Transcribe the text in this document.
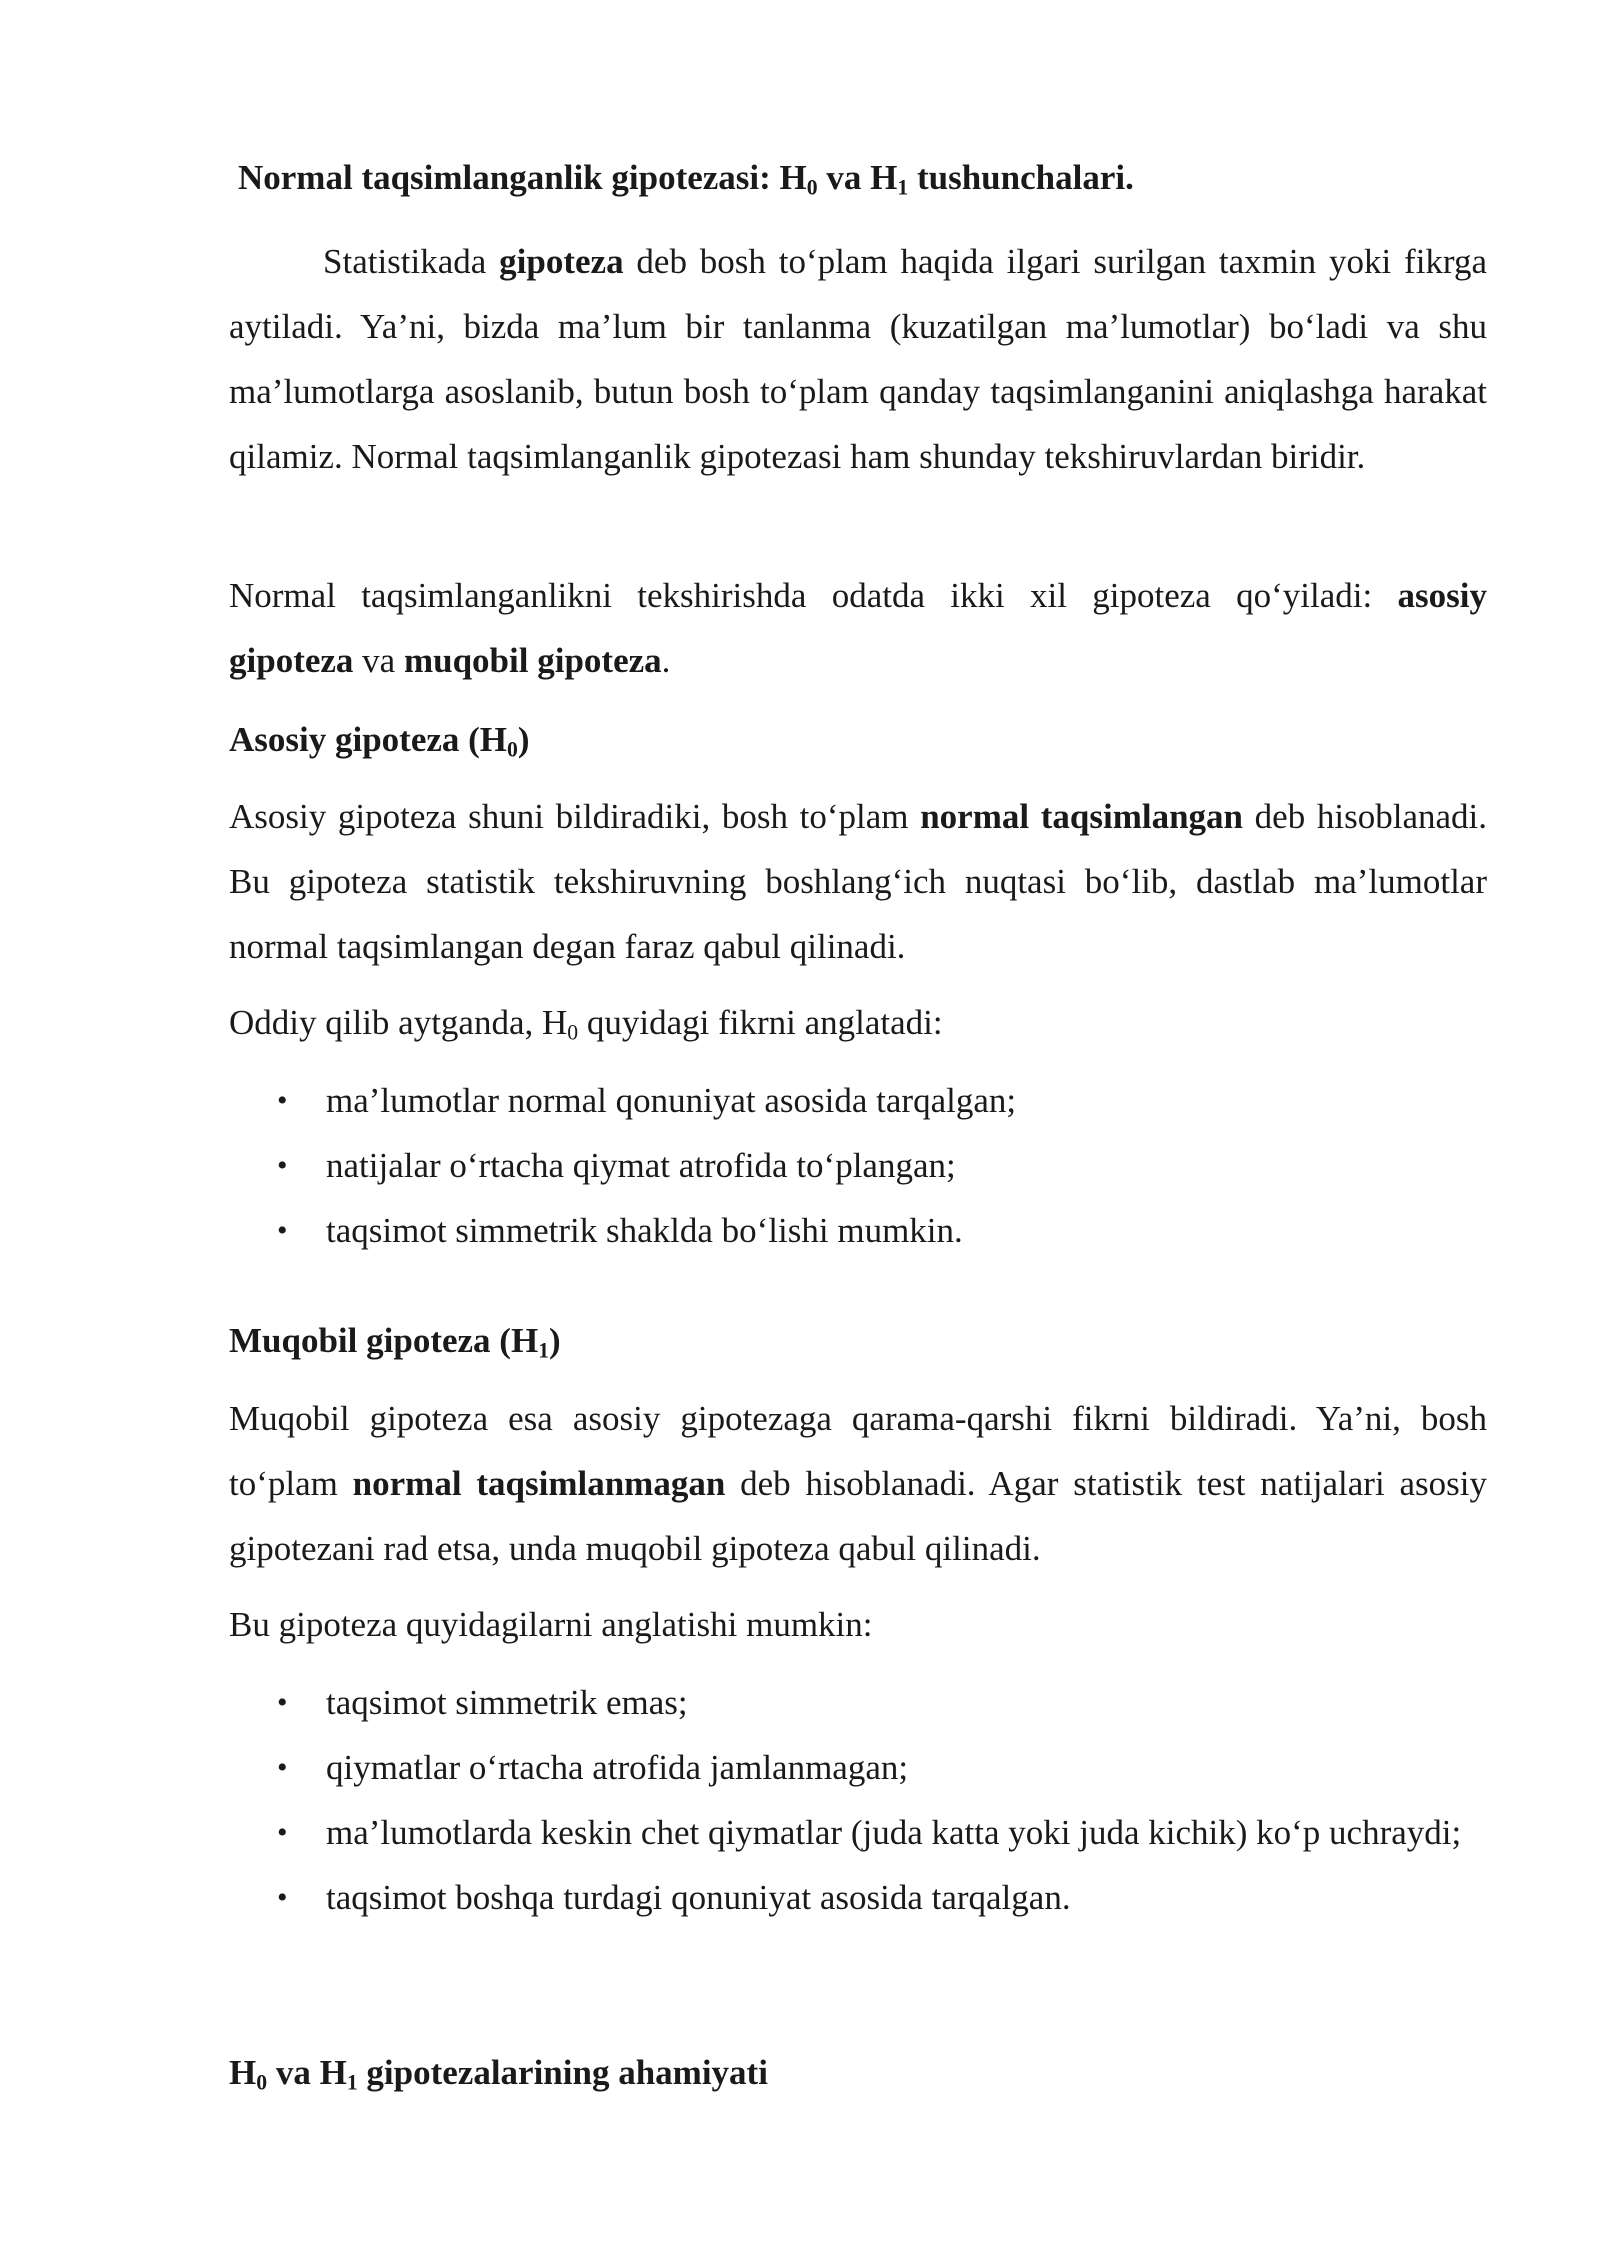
Normal taqsimlanganlik gipotezasi: $H_0$ va $H_1$ tushunchalari.

Statistikada gipoteza deb bosh to‘plam haqida ilgari surilgan taxmin yoki fikrga aytiladi. Ya’ni, bizda ma’lum bir tanlanma (kuzatilgan ma’lumotlar) bo‘ladi va shu ma’lumotlarga asoslanib, butun bosh to‘plam qanday taqsimlanganini aniqlashga harakat qilamiz. Normal taqsimlanganlik gipotezasi ham shunday tekshiruvlardan biridir.

Normal taqsimlanganlikni tekshirishda odatda ikki xil gipoteza qo‘yiladi: asosiy gipoteza va muqobil gipoteza.

Asosiy gipoteza $(H_0)$

Asosiy gipoteza shuni bildiradiki, bosh to‘plam normal taqsimlangan deb hisoblanadi. Bu gipoteza statistik tekshiruvning boshlang‘ich nuqtasi bo‘lib, dastlab ma’lumotlar normal taqsimlangan degan faraz qabul qilinadi.

Oddiy qilib aytganda, $H_0$ quyidagi fikrni anglatadi:

• ma’lumotlar normal qonuniyat asosida tarqalgan;
• natijalar o‘rtacha qiymat atrofida to‘plangan;
• taqsimot simmetrik shaklda bo‘lishi mumkin.

Muqobil gipoteza $(H_1)$

Muqobil gipoteza esa asosiy gipotezaga qarama-qarshi fikrni bildiradi. Ya’ni, bosh to‘plam normal taqsimlanmagan deb hisoblanadi. Agar statistik test natijalari asosiy gipotezani rad etsa, unda muqobil gipoteza qabul qilinadi.

Bu gipoteza quyidagilarni anglatishi mumkin:

• taqsimot simmetrik emas;
• qiymatlar o‘rtacha atrofida jamlanmagan;
• ma’lumotlarda keskin chet qiymatlar (juda katta yoki juda kichik) ko‘p uchraydi;
• taqsimot boshqa turdagi qonuniyat asosida tarqalgan.

$H_0$ va $H_1$ gipotezalarining ahamiyati
